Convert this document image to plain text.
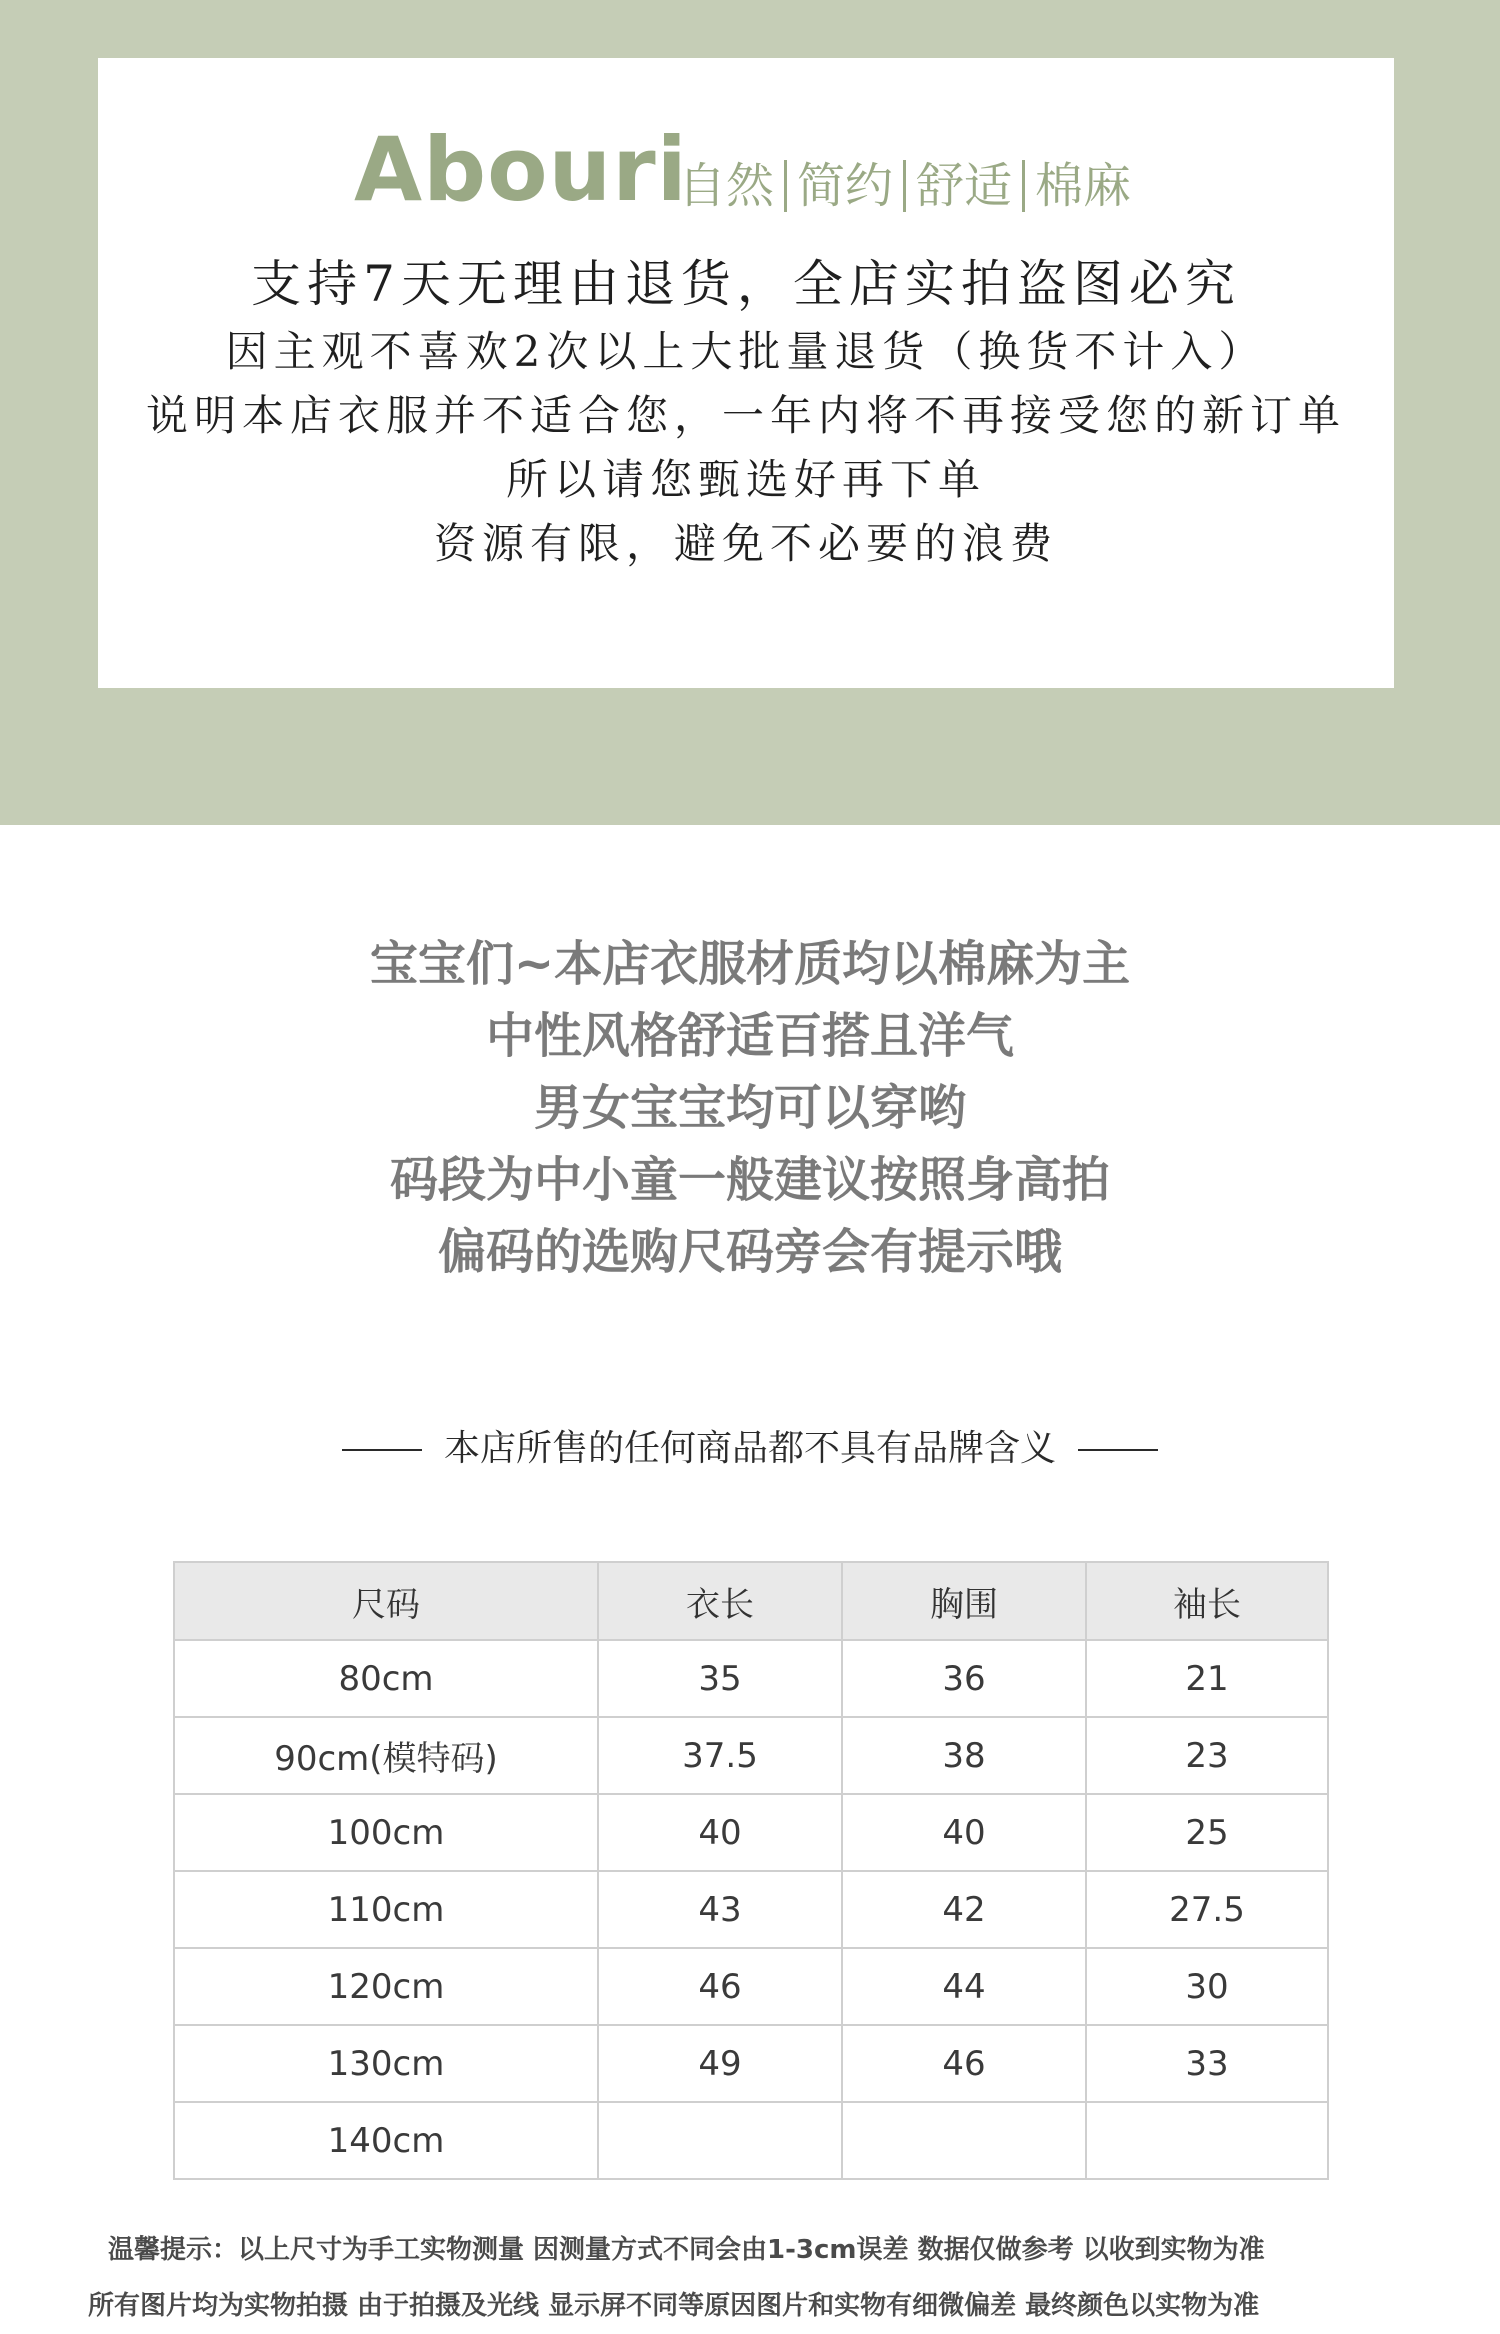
Abouri
自然 简约 舒适 棉麻
支持7天无理由退货，全店实拍盗图必究
因主观不喜欢2次以上大批量退货（换货不计入）
说明本店衣服并不适合您，一年内将不再接受您的新订单
所以请您甄选好再下单
资源有限，避免不必要的浪费
宝宝们~本店衣服材质均以棉麻为主
中性风格舒适百搭且洋气
男女宝宝均可以穿哟
码段为中小童一般建议按照身高拍
偏码的选购尺码旁会有提示哦
本店所售的任何商品都不具有品牌含义
尺码	衣长	胸围	袖长
80cm	35	36	21
90cm(模特码)	37.5	38	23
100cm	40	40	25
110cm	43	42	27.5
120cm	46	44	30
130cm	49	46	33
140cm			
温馨提示：以上尺寸为手工实物测量 因测量方式不同会由1-3cm误差 数据仅做参考 以收到实物为准
所有图片均为实物拍摄 由于拍摄及光线 显示屏不同等原因图片和实物有细微偏差 最终颜色以实物为准
